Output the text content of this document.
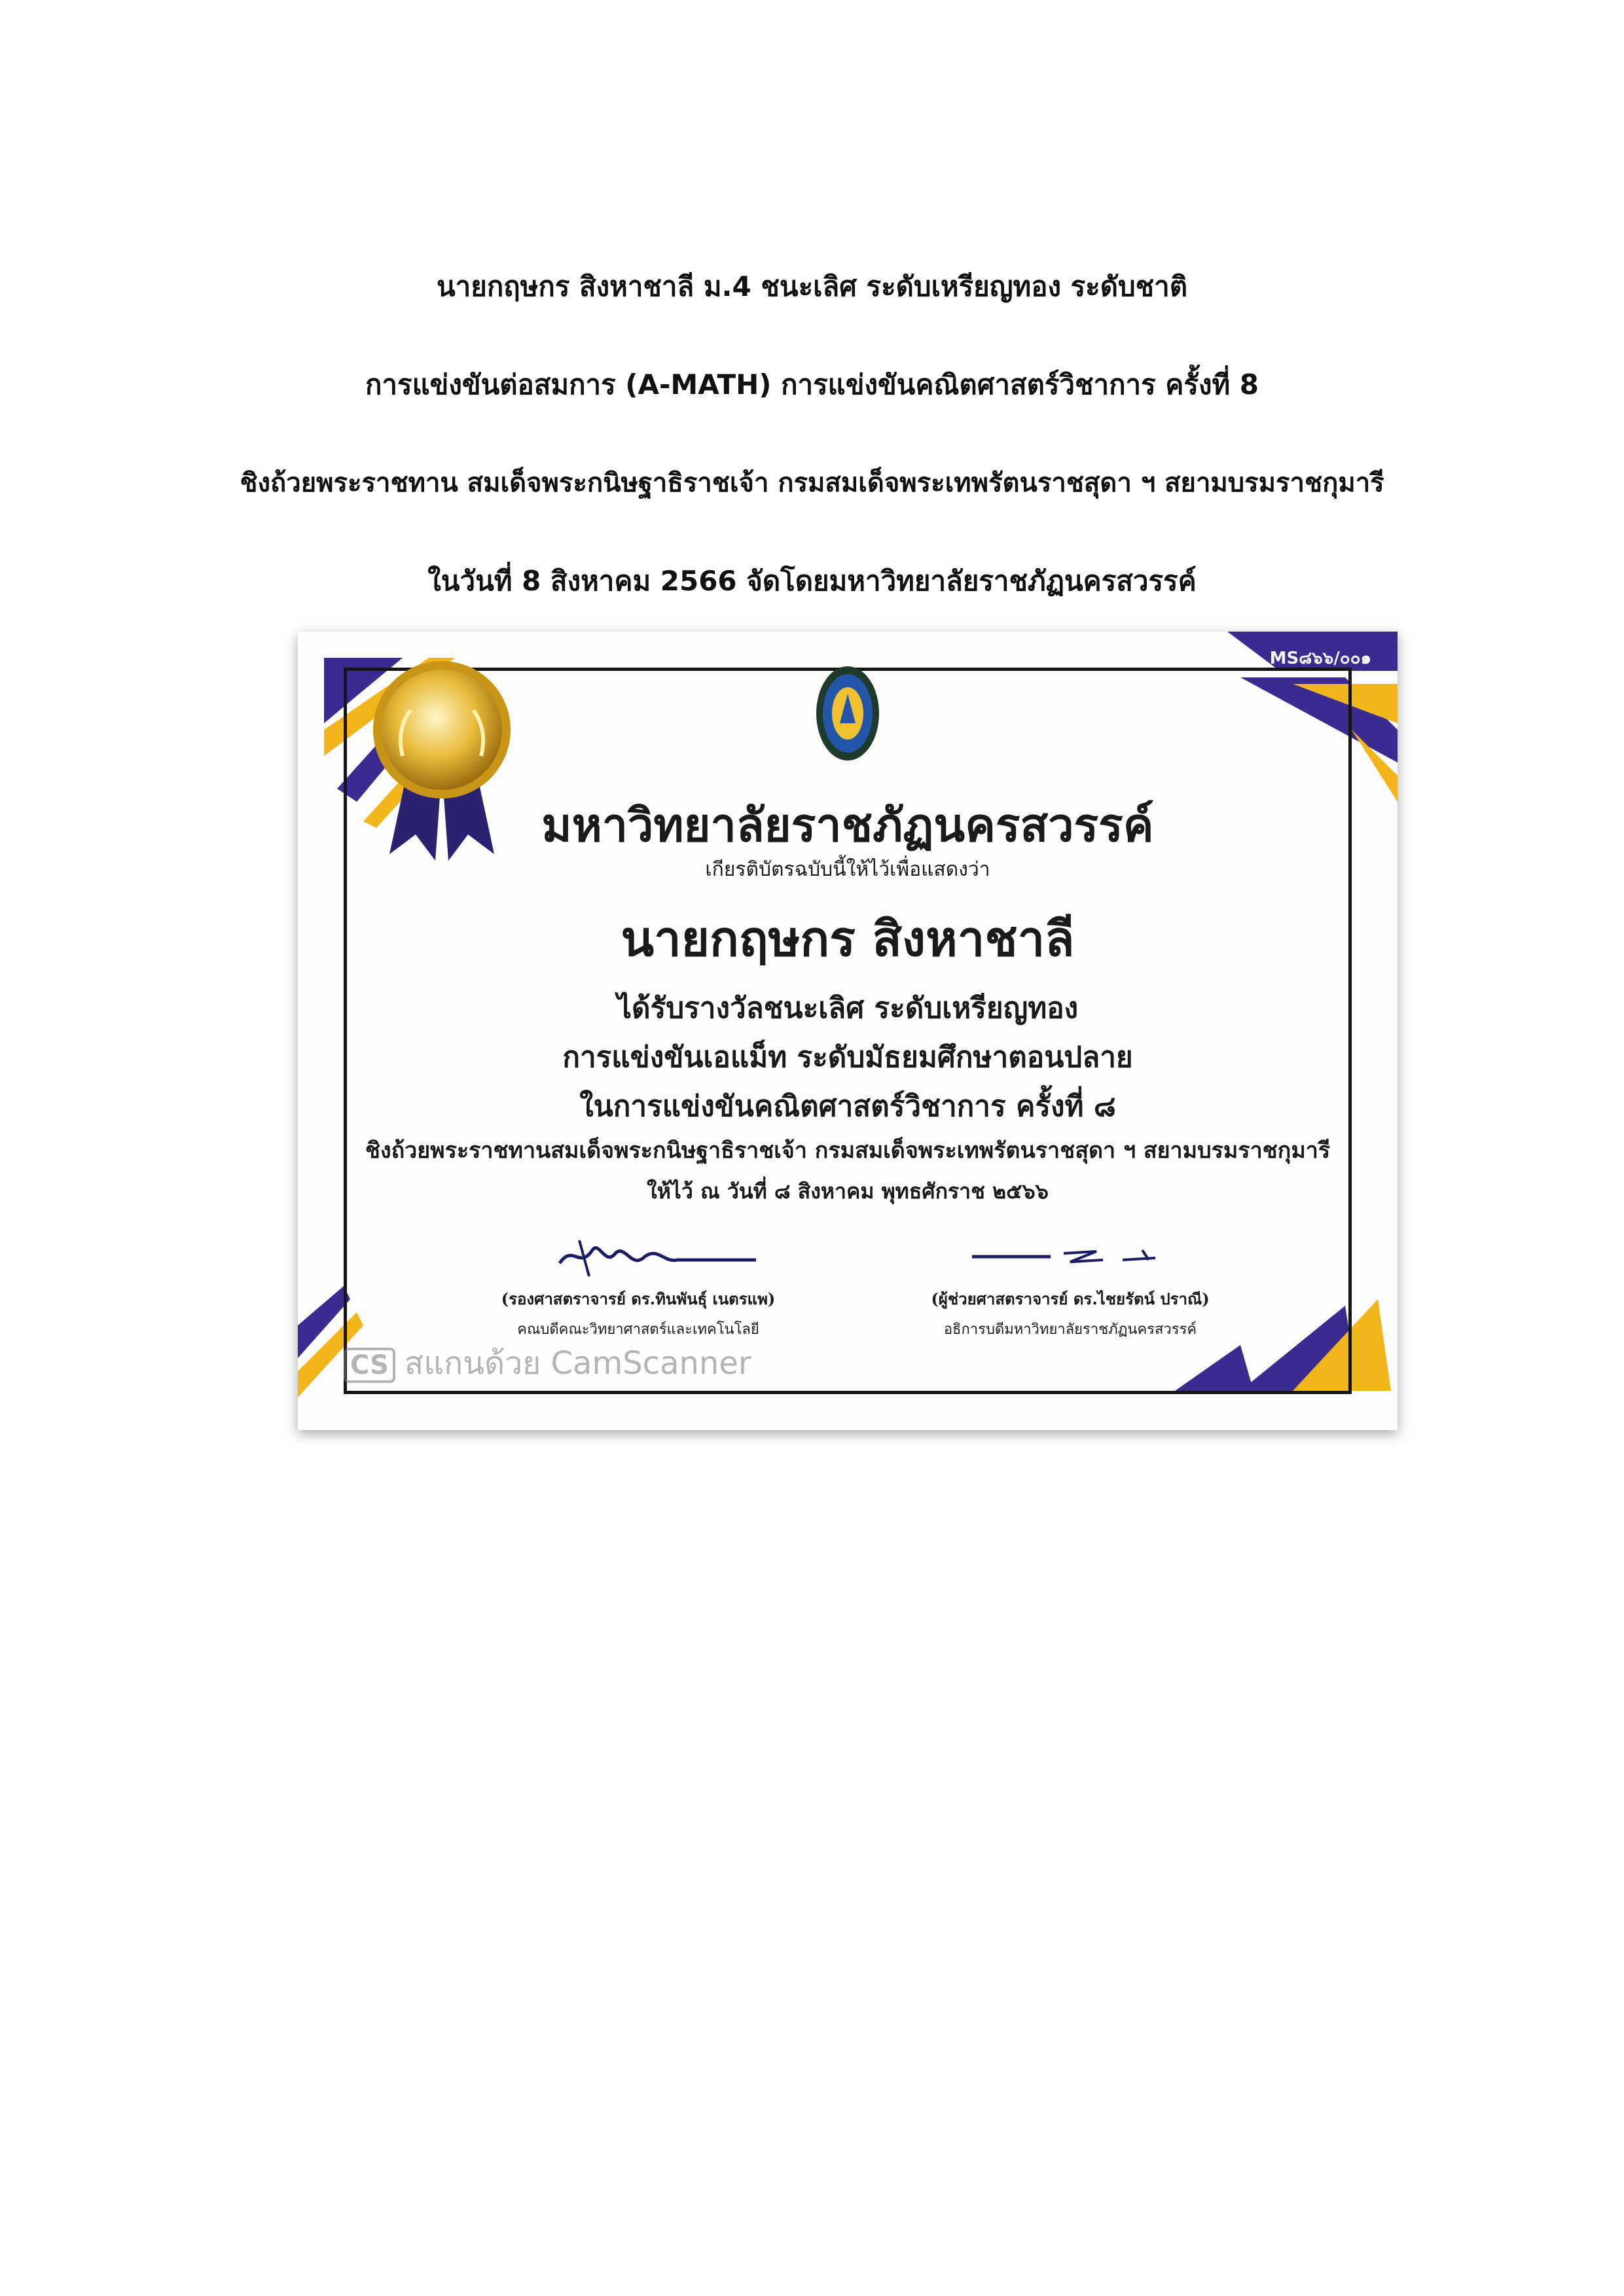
นายกฤษกร สิงหาชาลี ม.4 ชนะเลิศ ระดับเหรียญทอง ระดับชาติ
การแข่งขันต่อสมการ (A-MATH) การแข่งขันคณิตศาสตร์วิชาการ ครั้งที่ 8
ชิงถ้วยพระราชทาน สมเด็จพระกนิษฐาธิราชเจ้า กรมสมเด็จพระเทพรัตนราชสุดา ฯ สยามบรมราชกุมารี
ในวันที่ 8 สิงหาคม 2566 จัดโดยมหาวิทยาลัยราชภัฏนครสวรรค์
MS๘๖๖/๐๐๑
มหาวิทยาลัยราชภัฏนครสวรรค์
เกียรติบัตรฉบับนี้ให้ไว้เพื่อแสดงว่า
นายกฤษกร สิงหาชาลี
ได้รับรางวัลชนะเลิศ ระดับเหรียญทอง
การแข่งขันเอแม็ท ระดับมัธยมศึกษาตอนปลาย
ในการแข่งขันคณิตศาสตร์วิชาการ ครั้งที่ ๘
ชิงถ้วยพระราชทานสมเด็จพระกนิษฐาธิราชเจ้า กรมสมเด็จพระเทพรัตนราชสุดา ฯ สยามบรมราชกุมารี
ให้ไว้ ณ วันที่ ๘ สิงหาคม พุทธศักราช ๒๕๖๖
(รองศาสตราจารย์ ดร.ทินพันธุ์ เนตรแพ)
คณบดีคณะวิทยาศาสตร์และเทคโนโลยี
(ผู้ช่วยศาสตราจารย์ ดร.ไชยรัตน์ ปราณี)
อธิการบดีมหาวิทยาลัยราชภัฏนครสวรรค์
CS สแกนด้วย CamScanner
